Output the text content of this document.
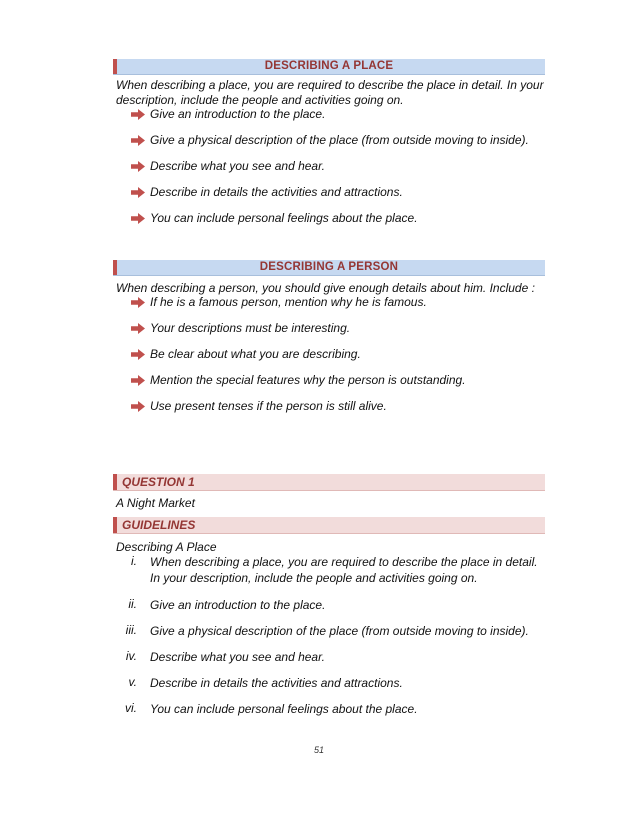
DESCRIBING A PLACE
When describing a place, you are required to describe the place in detail. In your description, include the people and activities going on.
Give an introduction to the place.
Give a physical description of the place (from outside moving to inside).
Describe what you see and hear.
Describe in details the activities and attractions.
You can include personal feelings about the place.
DESCRIBING A PERSON
When describing a person, you should give enough details about him. Include :
If he is a famous person, mention why he is famous.
Your descriptions must be interesting.
Be clear about what you are describing.
Mention the special features why the person is outstanding.
Use present tenses if the person is still alive.
QUESTION 1
A Night Market
GUIDELINES
Describing A Place
i. When describing a place, you are required to describe the place in detail. In your description, include the people and activities going on.
ii. Give an introduction to the place.
iii. Give a physical description of the place (from outside moving to inside).
iv. Describe what you see and hear.
v. Describe in details the activities and attractions.
vi. You can include personal feelings about the place.
51
